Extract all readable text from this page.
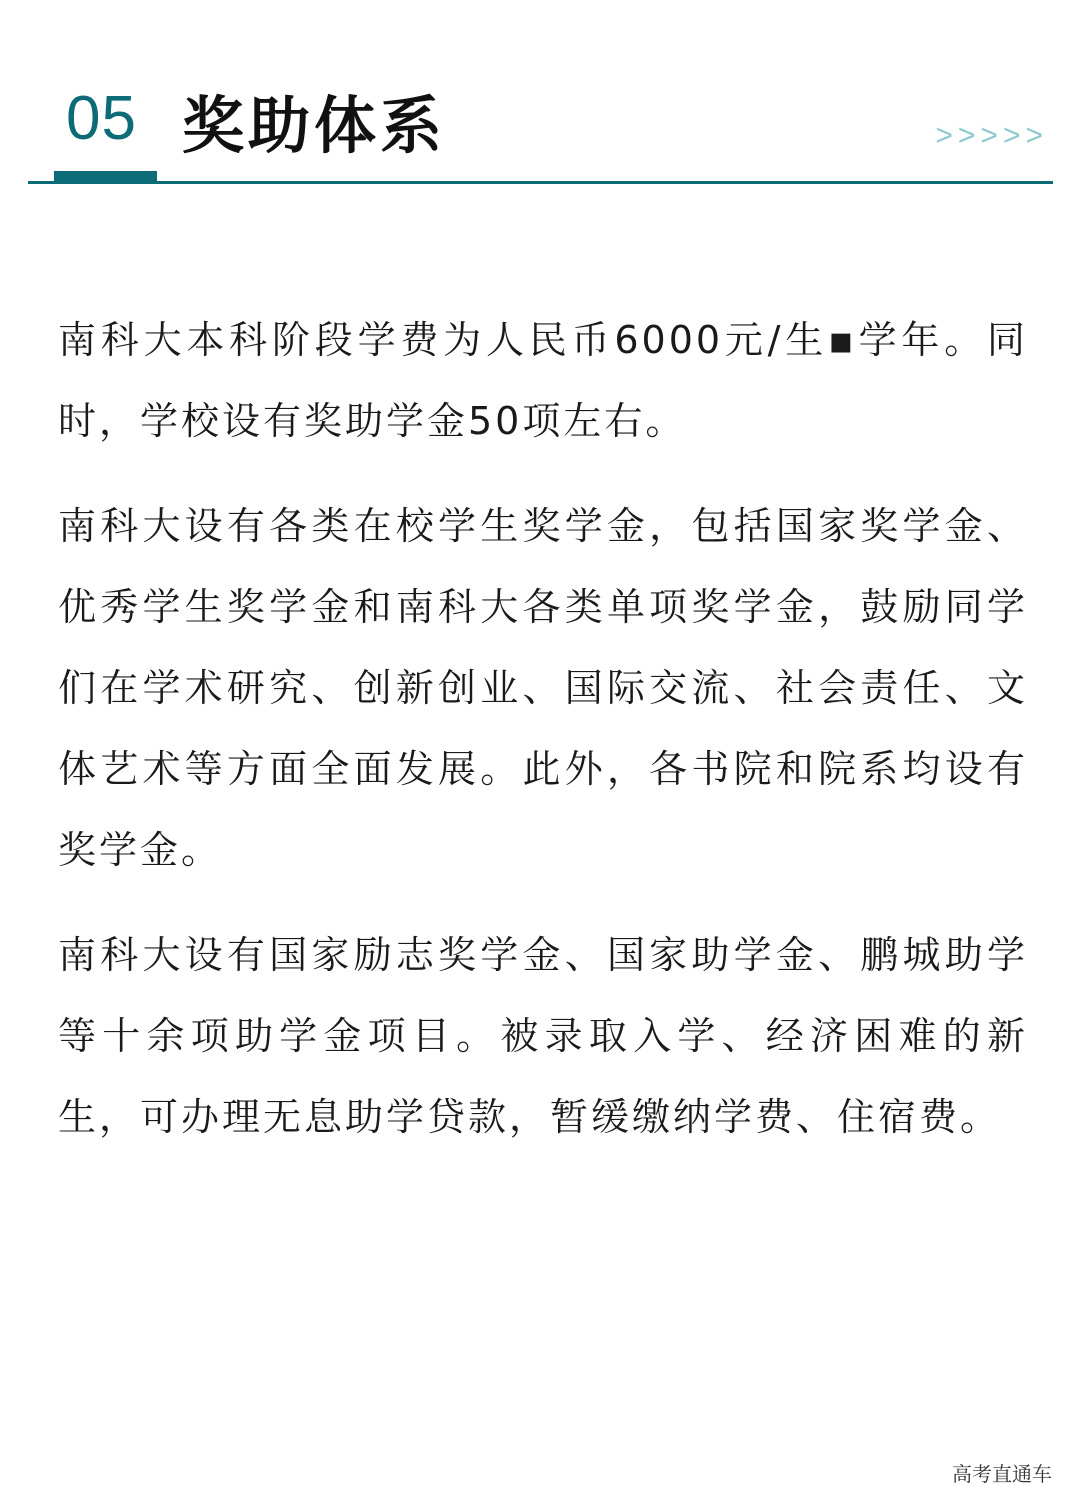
05 奖助体系	>>>>>

南科大本科阶段学费为人民币6000元/生▪学年。同时，学校设有奖助学金50项左右。

南科大设有各类在校学生奖学金，包括国家奖学金、优秀学生奖学金和南科大各类单项奖学金，鼓励同学们在学术研究、创新创业、国际交流、社会责任、文体艺术等方面全面发展。此外，各书院和院系均设有奖学金。

南科大设有国家励志奖学金、国家助学金、鹏城助学等十余项助学金项目。被录取入学、经济困难的新生，可办理无息助学贷款，暂缓缴纳学费、住宿费。

高考直通车
